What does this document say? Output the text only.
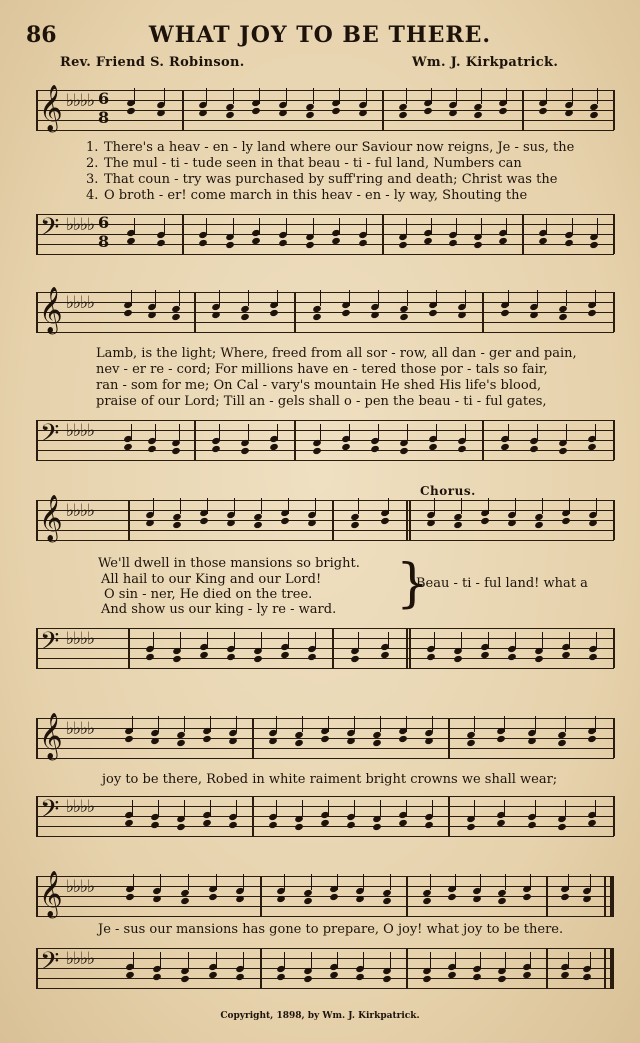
86	WHAT JOY TO BE THERE.
Rev. Friend S. Robinson.	Wm. J. Kirkpatrick.
𝄞 ♭♭♭♭ 6
8
1.
2.
3.
4.
There's a heav - en - ly land where our Saviour now reigns, Je - sus, the
The mul - ti - tude seen in that beau - ti - ful land, Numbers can
That coun - try was purchased by suff'ring and death; Christ was the
O broth - er! come march in this heav - en - ly way, Shouting the
𝄢 ♭♭♭♭ 6
8
𝄞 ♭♭♭♭
Lamb, is the light; Where, freed from all sor - row, all dan - ger and pain,
nev - er re - cord; For millions have en - tered those por - tals so fair,
ran - som for me; On Cal - vary's mountain He shed His life's blood,
praise of our Lord; Till an - gels shall o - pen the beau - ti - ful gates,
𝄢 ♭♭♭♭
Chorus.
𝄞 ♭♭♭♭
We'll dwell in those mansions so bright.
All hail to our King and our Lord!
O sin - ner, He died on the tree.
And show us our king - ly re - ward. }
Beau - ti - ful land! what a
𝄢 ♭♭♭♭
𝄞 ♭♭♭♭
joy to be there, Robed in white raiment bright crowns we shall wear;
𝄢 ♭♭♭♭
𝄞 ♭♭♭♭
Je - sus our mansions has gone to prepare, O joy! what joy to be there.
𝄢 ♭♭♭♭
Copyright, 1898, by Wm. J. Kirkpatrick.
